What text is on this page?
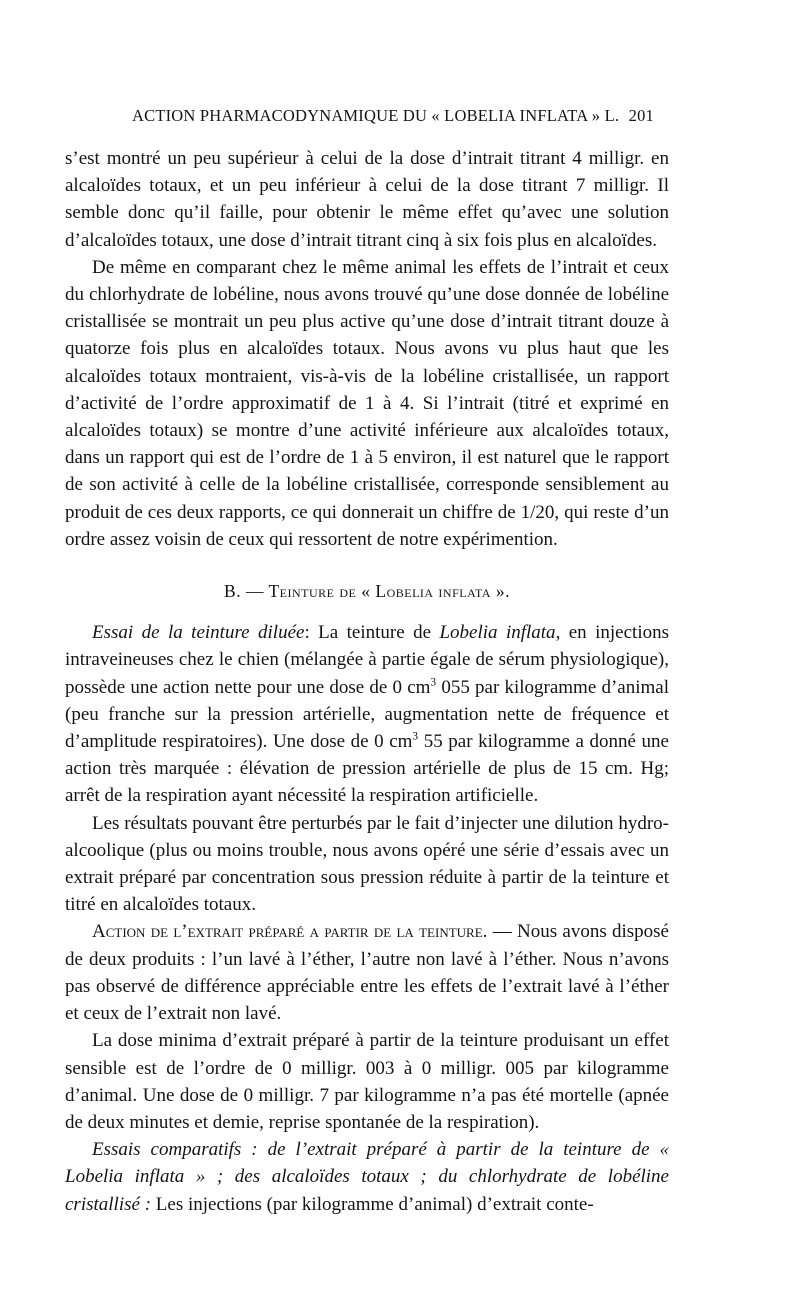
ACTION PHARMACODYNAMIQUE DU « LOBELIA INFLATA » L. 201

s’est montré un peu supérieur à celui de la dose d’intrait titrant 4 milligr. en alcaloïdes totaux, et un peu inférieur à celui de la dose titrant 7 milligr. Il semble donc qu’il faille, pour obtenir le même effet qu’avec une solution d’alcaloïdes totaux, une dose d’intrait titrant cinq à six fois plus en alcaloïdes.

De même en comparant chez le même animal les effets de l’intrait et ceux du chlorhydrate de lobéline, nous avons trouvé qu’une dose donnée de lobéline cristallisée se montrait un peu plus active qu’une dose d’intrait titrant douze à quatorze fois plus en alcaloïdes totaux. Nous avons vu plus haut que les alcaloïdes totaux montraient, vis-à-vis de la lobéline cristallisée, un rapport d’activité de l’ordre approximatif de 1 à 4. Si l’intrait (titré et exprimé en alcaloïdes totaux) se montre d’une activité inférieure aux alcaloïdes totaux, dans un rapport qui est de l’ordre de 1 à 5 environ, il est naturel que le rapport de son activité à celle de la lobéline cristallisée, corresponde sensiblement au produit de ces deux rapports, ce qui donnerait un chiffre de 1/20, qui reste d’un ordre assez voisin de ceux qui ressortent de notre expérimention.

B. — Teinture de « Lobelia inflata ».

Essai de la teinture diluée: La teinture de Lobelia inflata, en injections intraveineuses chez le chien (mélangée à partie égale de sérum physiologique), possède une action nette pour une dose de 0 $cm^3$ 055 par kilogramme d’animal (peu franche sur la pression artérielle, augmentation nette de fréquence et d’amplitude respiratoires). Une dose de 0 $cm^3$ 55 par kilogramme a donné une action très marquée : élévation de pression artérielle de plus de 15 cm. Hg; arrêt de la respiration ayant nécessité la respiration artificielle.

Les résultats pouvant être perturbés par le fait d’injecter une dilution hydro-alcoolique (plus ou moins trouble, nous avons opéré une série d’essais avec un extrait préparé par concentration sous pression réduite à partir de la teinture et titré en alcaloïdes totaux.

Action de l’extrait préparé a partir de la teinture. — Nous avons disposé de deux produits : l’un lavé à l’éther, l’autre non lavé à l’éther. Nous n’avons pas observé de différence appréciable entre les effets de l’extrait lavé à l’éther et ceux de l’extrait non lavé.

La dose minima d’extrait préparé à partir de la teinture produisant un effet sensible est de l’ordre de 0 milligr. 003 à 0 milligr. 005 par kilogramme d’animal. Une dose de 0 milligr. 7 par kilogramme n’a pas été mortelle (apnée de deux minutes et demie, reprise spontanée de la respiration).

Essais comparatifs : de l’extrait préparé à partir de la teinture de « Lobelia inflata » ; des alcaloïdes totaux ; du chlorhydrate de lobéline cristallisé : Les injections (par kilogramme d’animal) d’extrait conte-
